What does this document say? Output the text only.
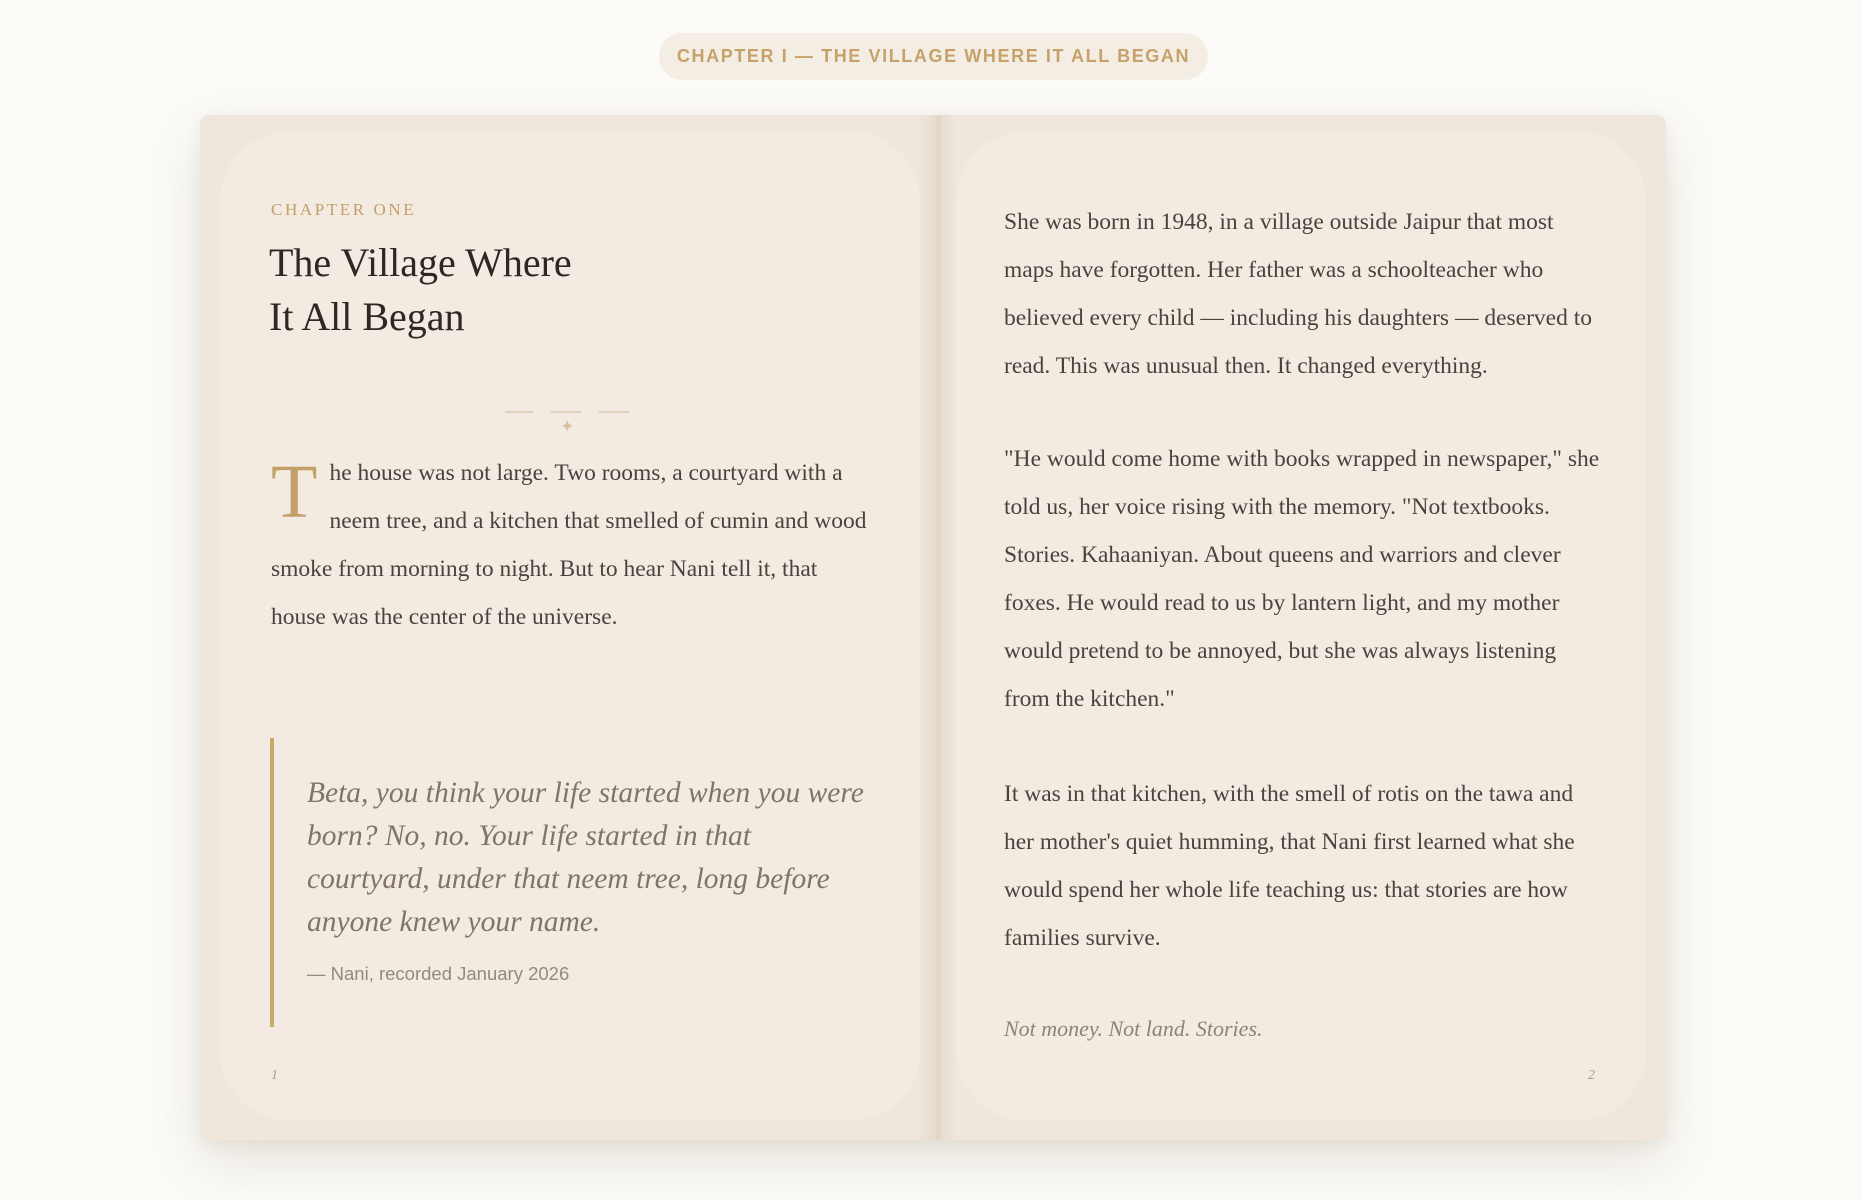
CHAPTER I — THE VILLAGE WHERE IT ALL BEGAN
CHAPTER ONE
The Village Where
It All Began
✦
The house was not large. Two rooms, a courtyard with a neem tree, and a kitchen that smelled of cumin and wood smoke from morning to night. But to hear Nani tell it, that house was the center of the universe.
Beta, you think your life started when you were born? No, no. Your life started in that courtyard, under that neem tree, long before anyone knew your name.
— Nani, recorded January 2026
1
She was born in 1948, in a village outside Jaipur that most maps have forgotten. Her father was a schoolteacher who believed every child — including his daughters — deserved to read. This was unusual then. It changed everything.
"He would come home with books wrapped in newspaper," she told us, her voice rising with the memory. "Not textbooks. Stories. Kahaaniyan. About queens and warriors and clever foxes. He would read to us by lantern light, and my mother would pretend to be annoyed, but she was always listening from the kitchen."
It was in that kitchen, with the smell of rotis on the tawa and her mother's quiet humming, that Nani first learned what she would spend her whole life teaching us: that stories are how families survive.
Not money. Not land. Stories.
2
